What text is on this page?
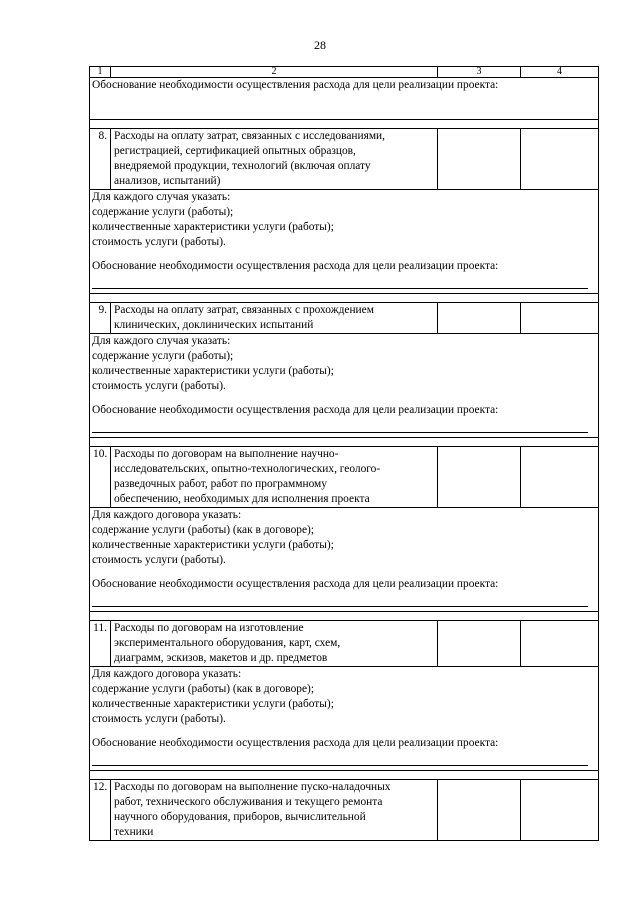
28
1	2	3	4

Обоснование необходимости осуществления расхода для цели реализации проекта:			

8.	Расходы на оплату затрат, связанных с исследованиями,
регистрацией, сертификацией опытных образцов,
внедряемой продукции, технологий (включая оплату
анализов, испытаний)		

Для каждого случая указать:
содержание услуги (работы);
количественные характеристики услуги (работы);
стоимость услуги (работы).
Обоснование необходимости осуществления расхода для цели реализации проекта:			

9.	Расходы на оплату затрат, связанных с прохождением
клинических, доклинических испытаний		

Для каждого случая указать:
содержание услуги (работы);
количественные характеристики услуги (работы);
стоимость услуги (работы).
Обоснование необходимости осуществления расхода для цели реализации проекта:			

10.	Расходы по договорам на выполнение научно-
исследовательских, опытно-технологических, геолого-
разведочных работ, работ по программному
обеспечению, необходимых для исполнения проекта		

Для каждого договора указать:
содержание услуги (работы) (как в договоре);
количественные характеристики услуги (работы);
стоимость услуги (работы).
Обоснование необходимости осуществления расхода для цели реализации проекта:			

11.	Расходы по договорам на изготовление
экспериментального оборудования, карт, схем,
диаграмм, эскизов, макетов и др. предметов		

Для каждого договора указать:
содержание услуги (работы) (как в договоре);
количественные характеристики услуги (работы);
стоимость услуги (работы).
Обоснование необходимости осуществления расхода для цели реализации проекта:			

12.	Расходы по договорам на выполнение пуско-наладочных
работ, технического обслуживания и текущего ремонта
научного оборудования, приборов, вычислительной
техники		
